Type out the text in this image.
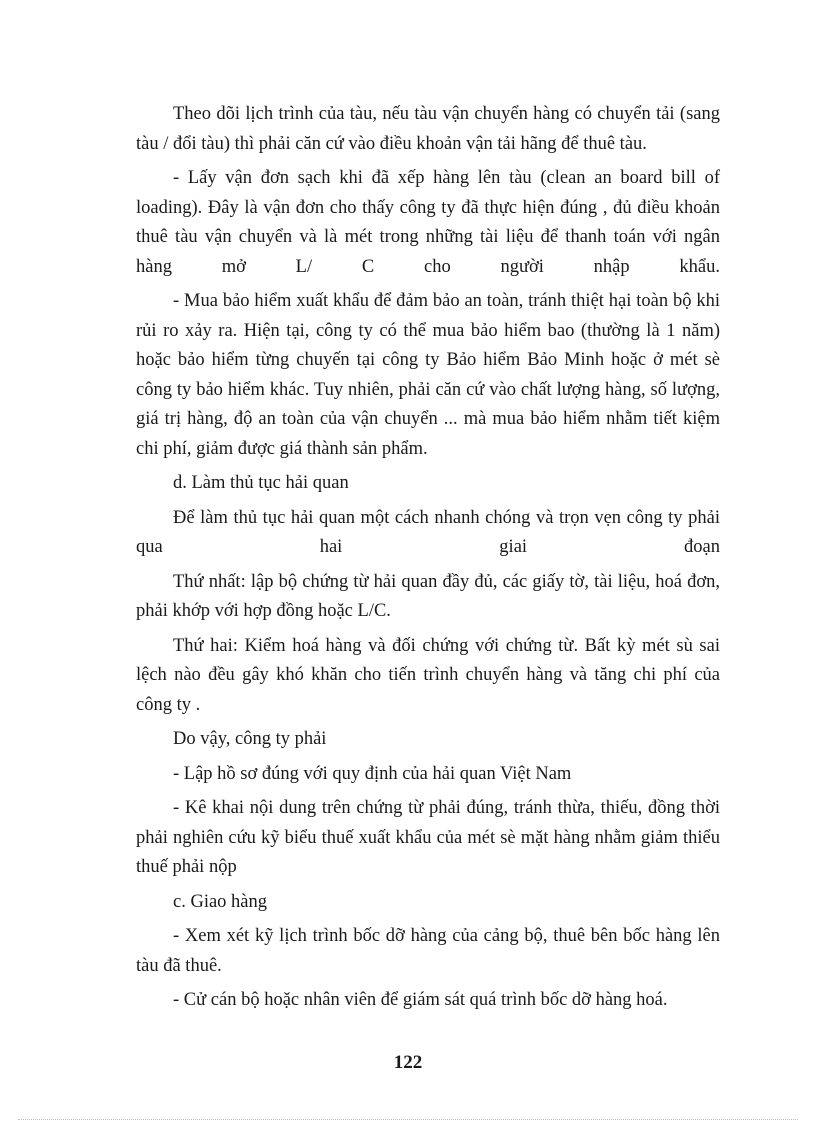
Theo dõi lịch trình của tàu, nếu tàu vận chuyển hàng có chuyển tải (sang tàu / đổi tàu) thì phải căn cứ vào điều khoản vận tải hãng để thuê tàu.

- Lấy vận đơn sạch khi đã xếp hàng lên tàu (clean an board bill of loading). Đây là vận đơn cho thấy công ty đã thực hiện đúng , đủ điều khoản thuê tàu vận chuyển và là mét trong những tài liệu để thanh toán với ngân hàng mở L/ C cho người nhập khẩu.

- Mua bảo hiểm xuất khẩu để đảm bảo an toàn, tránh thiệt hại toàn bộ khi rủi ro xảy ra. Hiện tại, công ty có thể mua bảo hiểm bao (thường là 1 năm) hoặc bảo hiểm từng chuyến tại công ty Bảo hiểm Bảo Minh hoặc ở mét sè công ty bảo hiểm khác. Tuy nhiên, phải căn cứ vào chất lượng hàng, số lượng, giá trị hàng, độ an toàn của vận chuyển ... mà mua bảo hiểm nhằm tiết kiệm chi phí, giảm được giá thành sản phẩm.

d. Làm thủ tục hải quan

Để làm thủ tục hải quan một cách nhanh chóng và trọn vẹn công ty phải qua hai giai đoạn

Thứ nhất: lập bộ chứng từ hải quan đầy đủ, các giấy tờ, tài liệu, hoá đơn, phải khớp với hợp đồng hoặc L/C.

Thứ hai: Kiểm hoá hàng và đối chứng với chứng từ. Bất kỳ mét sù sai lệch nào đều gây khó khăn cho tiến trình chuyển hàng và tăng chi phí của công ty .

Do vậy, công ty phải

- Lập hồ sơ đúng với quy định của hải quan Việt Nam

- Kê khai nội dung trên chứng từ phải đúng, tránh thừa, thiếu, đồng thời phải nghiên cứu kỹ biểu thuế xuất khẩu của mét sè mặt hàng nhằm giảm thiểu thuế phải nộp

c. Giao hàng

- Xem xét kỹ lịch trình bốc dỡ hàng của cảng bộ, thuê bên bốc hàng lên tàu đã thuê.

- Cử cán bộ hoặc nhân viên để giám sát quá trình bốc dỡ hàng hoá.

122
